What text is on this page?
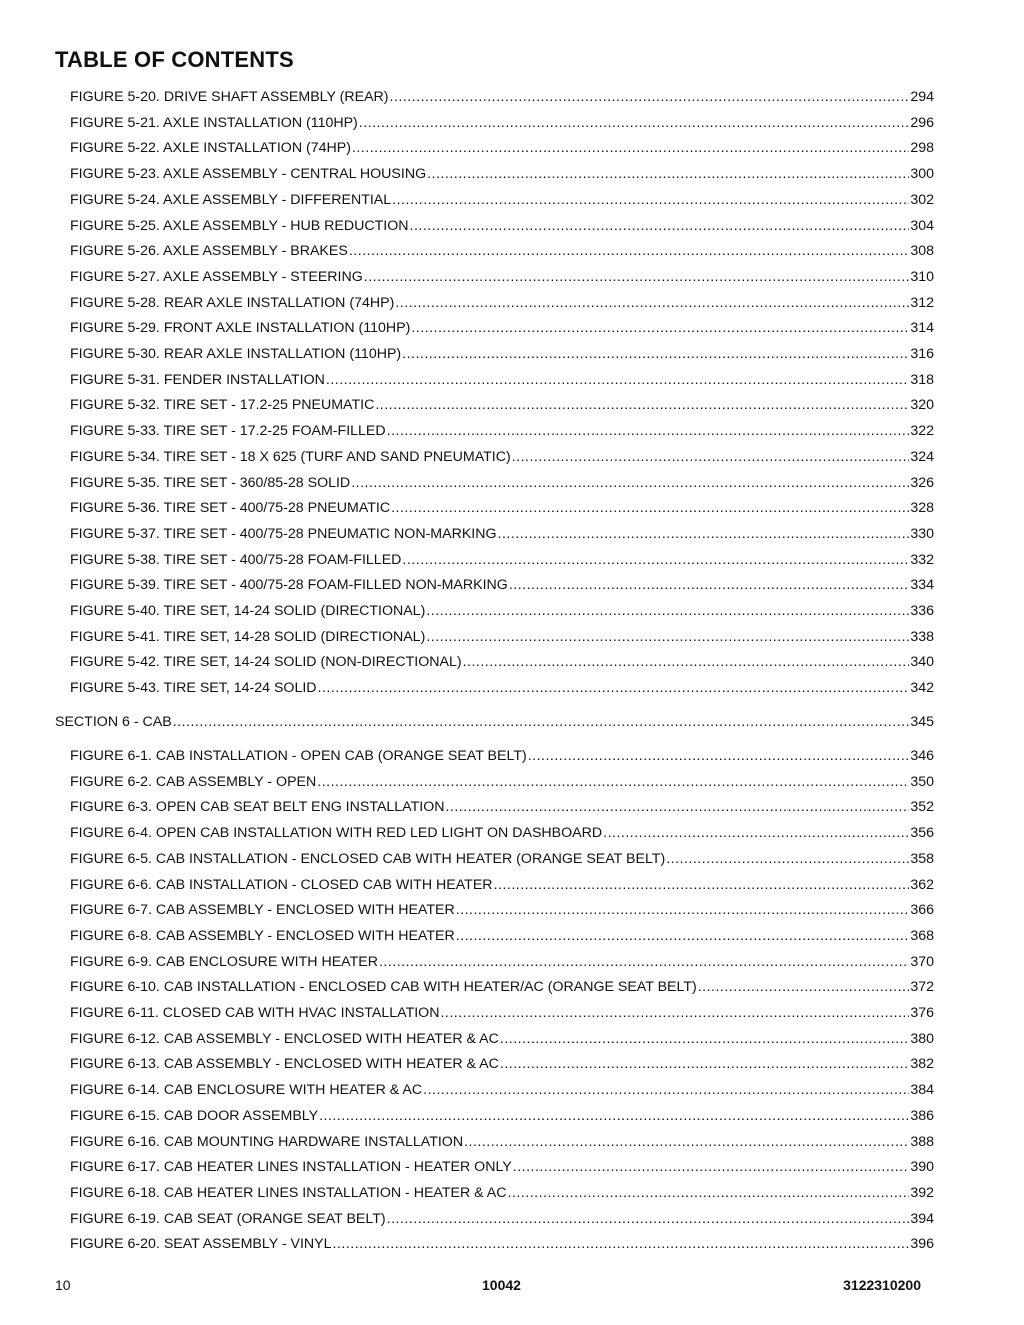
TABLE OF CONTENTS
FIGURE 5-20. DRIVE SHAFT ASSEMBLY (REAR) .....	294
FIGURE 5-21. AXLE INSTALLATION (110HP) .....	296
FIGURE 5-22. AXLE INSTALLATION (74HP) .....	298
FIGURE 5-23. AXLE ASSEMBLY - CENTRAL HOUSING .....	300
FIGURE 5-24. AXLE ASSEMBLY - DIFFERENTIAL .....	302
FIGURE 5-25. AXLE ASSEMBLY - HUB REDUCTION .....	304
FIGURE 5-26. AXLE ASSEMBLY - BRAKES .....	308
FIGURE 5-27. AXLE ASSEMBLY - STEERING .....	310
FIGURE 5-28. REAR AXLE INSTALLATION (74HP) .....	312
FIGURE 5-29. FRONT AXLE INSTALLATION (110HP) .....	314
FIGURE 5-30. REAR AXLE INSTALLATION (110HP) .....	316
FIGURE 5-31. FENDER INSTALLATION .....	318
FIGURE 5-32. TIRE SET - 17.2-25 PNEUMATIC .....	320
FIGURE 5-33. TIRE SET - 17.2-25 FOAM-FILLED .....	322
FIGURE 5-34. TIRE SET - 18 X 625 (TURF AND SAND PNEUMATIC) .....	324
FIGURE 5-35. TIRE SET - 360/85-28 SOLID .....	326
FIGURE 5-36. TIRE SET - 400/75-28 PNEUMATIC .....	328
FIGURE 5-37. TIRE SET - 400/75-28 PNEUMATIC NON-MARKING .....	330
FIGURE 5-38. TIRE SET - 400/75-28 FOAM-FILLED .....	332
FIGURE 5-39. TIRE SET - 400/75-28 FOAM-FILLED NON-MARKING .....	334
FIGURE 5-40. TIRE SET, 14-24 SOLID (DIRECTIONAL) .....	336
FIGURE 5-41. TIRE SET, 14-28 SOLID (DIRECTIONAL) .....	338
FIGURE 5-42. TIRE SET, 14-24 SOLID (NON-DIRECTIONAL) .....	340
FIGURE 5-43. TIRE SET, 14-24 SOLID .....	342
SECTION 6 - CAB .....	345
FIGURE 6-1. CAB INSTALLATION - OPEN CAB (ORANGE SEAT BELT) .....	346
FIGURE 6-2. CAB ASSEMBLY - OPEN .....	350
FIGURE 6-3. OPEN CAB SEAT BELT ENG INSTALLATION .....	352
FIGURE 6-4. OPEN CAB INSTALLATION WITH RED LED LIGHT ON DASHBOARD .....	356
FIGURE 6-5. CAB INSTALLATION - ENCLOSED CAB WITH HEATER (ORANGE SEAT BELT) .....	358
FIGURE 6-6. CAB INSTALLATION - CLOSED CAB WITH HEATER .....	362
FIGURE 6-7. CAB ASSEMBLY - ENCLOSED WITH HEATER .....	366
FIGURE 6-8. CAB ASSEMBLY - ENCLOSED WITH HEATER .....	368
FIGURE 6-9. CAB ENCLOSURE WITH HEATER .....	370
FIGURE 6-10. CAB INSTALLATION - ENCLOSED CAB WITH HEATER/AC (ORANGE SEAT BELT) .....	372
FIGURE 6-11. CLOSED CAB WITH HVAC INSTALLATION .....	376
FIGURE 6-12. CAB ASSEMBLY - ENCLOSED WITH HEATER & AC .....	380
FIGURE 6-13. CAB ASSEMBLY - ENCLOSED WITH HEATER & AC .....	382
FIGURE 6-14. CAB ENCLOSURE WITH HEATER & AC .....	384
FIGURE 6-15. CAB DOOR ASSEMBLY .....	386
FIGURE 6-16. CAB MOUNTING HARDWARE INSTALLATION .....	388
FIGURE 6-17. CAB HEATER LINES INSTALLATION - HEATER ONLY .....	390
FIGURE 6-18. CAB HEATER LINES INSTALLATION - HEATER & AC .....	392
FIGURE 6-19. CAB SEAT (ORANGE SEAT BELT) .....	394
FIGURE 6-20. SEAT ASSEMBLY - VINYL .....	396
10	10042	3122310200
